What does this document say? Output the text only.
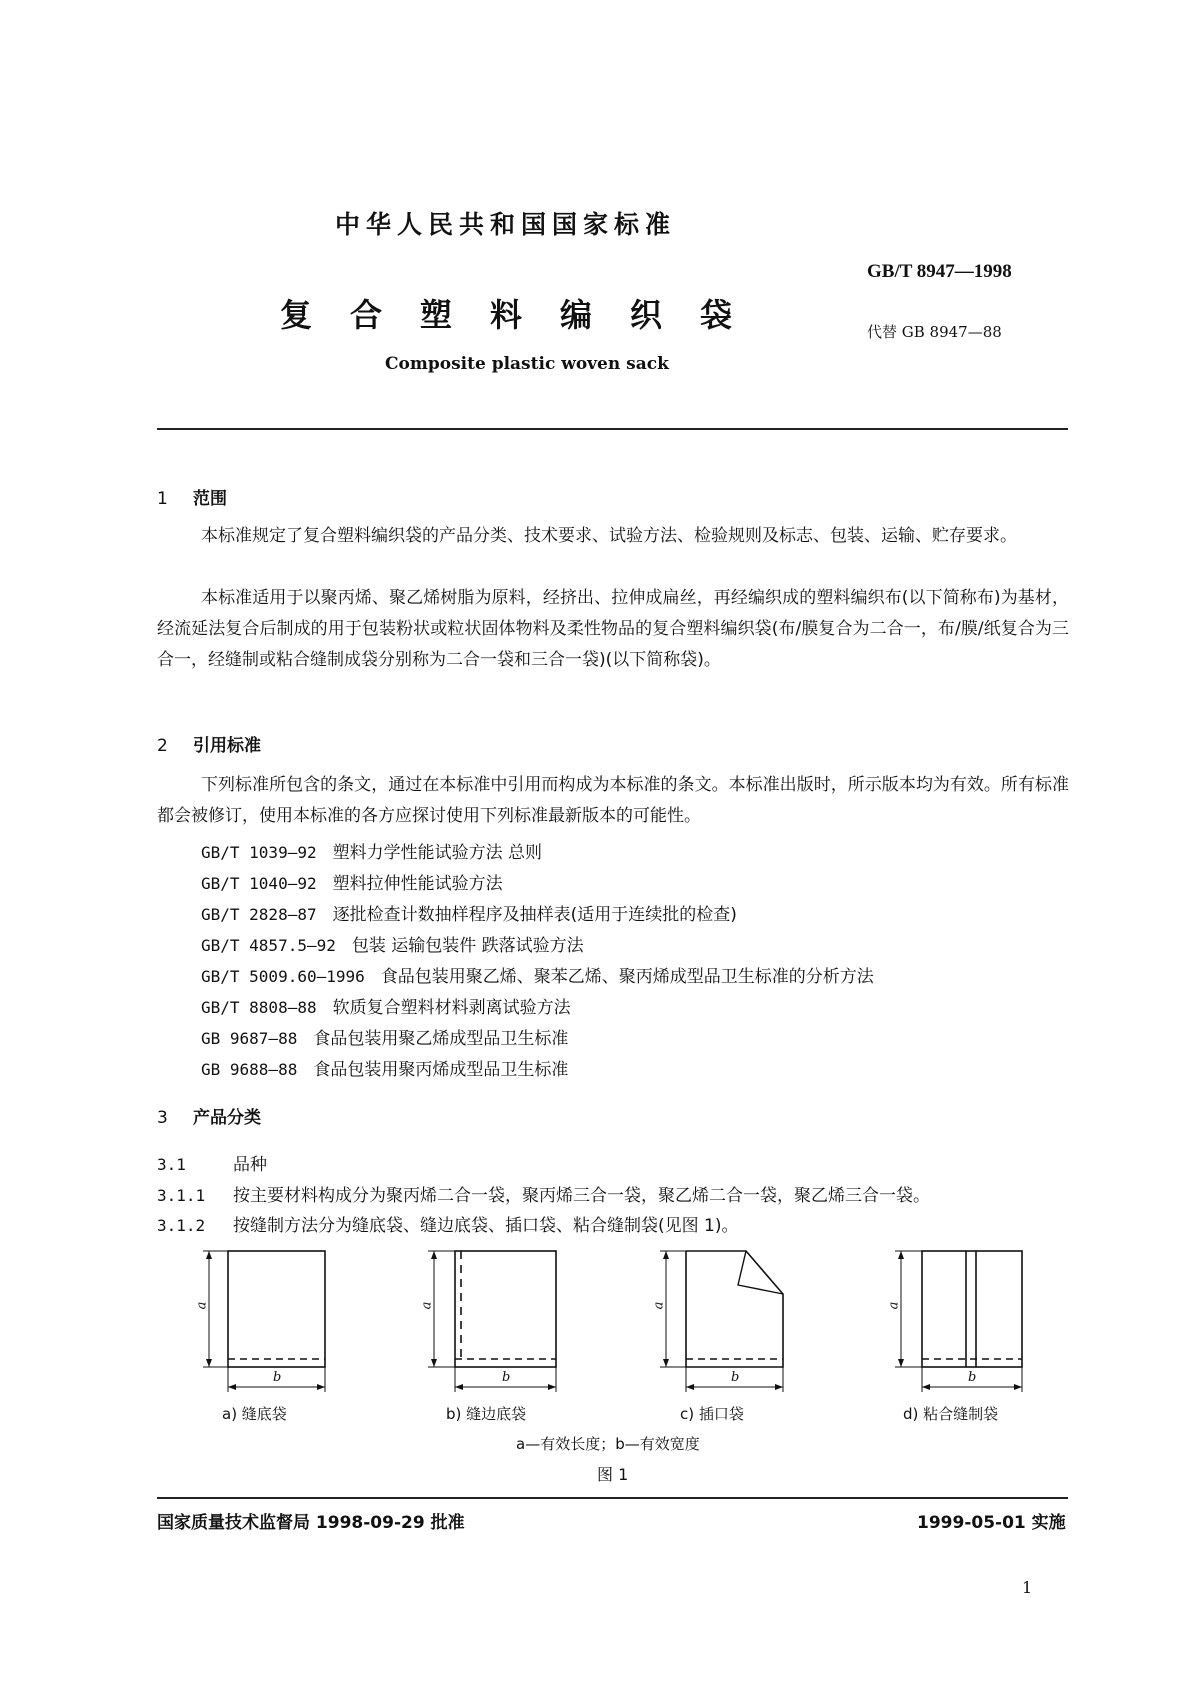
中华人民共和国国家标准
GB/T 8947—1998
复合塑料编织袋	代替 GB 8947—88
Composite plastic woven sack
1 范围
本标准规定了复合塑料编织袋的产品分类、技术要求、试验方法、检验规则及标志、包装、运输、贮存要求。
本标准适用于以聚丙烯、聚乙烯树脂为原料，经挤出、拉伸成扁丝，再经编织成的塑料编织布(以下简称布)为基材，经流延法复合后制成的用于包装粉状或粒状固体物料及柔性物品的复合塑料编织袋(布/膜复合为二合一，布/膜/纸复合为三合一，经缝制或粘合缝制成袋分别称为二合一袋和三合一袋)(以下简称袋)。
2 引用标准
下列标准所包含的条文，通过在本标准中引用而构成为本标准的条文。本标准出版时，所示版本均为有效。所有标准都会被修订，使用本标准的各方应探讨使用下列标准最新版本的可能性。
GB/T 1039—92 塑料力学性能试验方法 总则
GB/T 1040—92 塑料拉伸性能试验方法
GB/T 2828—87 逐批检查计数抽样程序及抽样表(适用于连续批的检查)
GB/T 4857.5—92 包装 运输包装件 跌落试验方法
GB/T 5009.60—1996 食品包装用聚乙烯、聚苯乙烯、聚丙烯成型品卫生标准的分析方法
GB/T 8808—88 软质复合塑料材料剥离试验方法
GB 9687—88 食品包装用聚乙烯成型品卫生标准
GB 9688—88 食品包装用聚丙烯成型品卫生标准
3 产品分类
3.1	品种
3.1.1 按主要材料构成分为聚丙烯二合一袋，聚丙烯三合一袋，聚乙烯二合一袋，聚乙烯三合一袋。
3.1.2 按缝制方法分为缝底袋、缝边底袋、插口袋、粘合缝制袋(见图 1)。
a
b
a
b
a
b
a
b
a) 缝底袋	b) 缝边底袋	c) 插口袋	d) 粘合缝制袋
a—有效长度；b—有效宽度
图 1
国家质量技术监督局 1998-09-29 批准	1999-05-01 实施
1
